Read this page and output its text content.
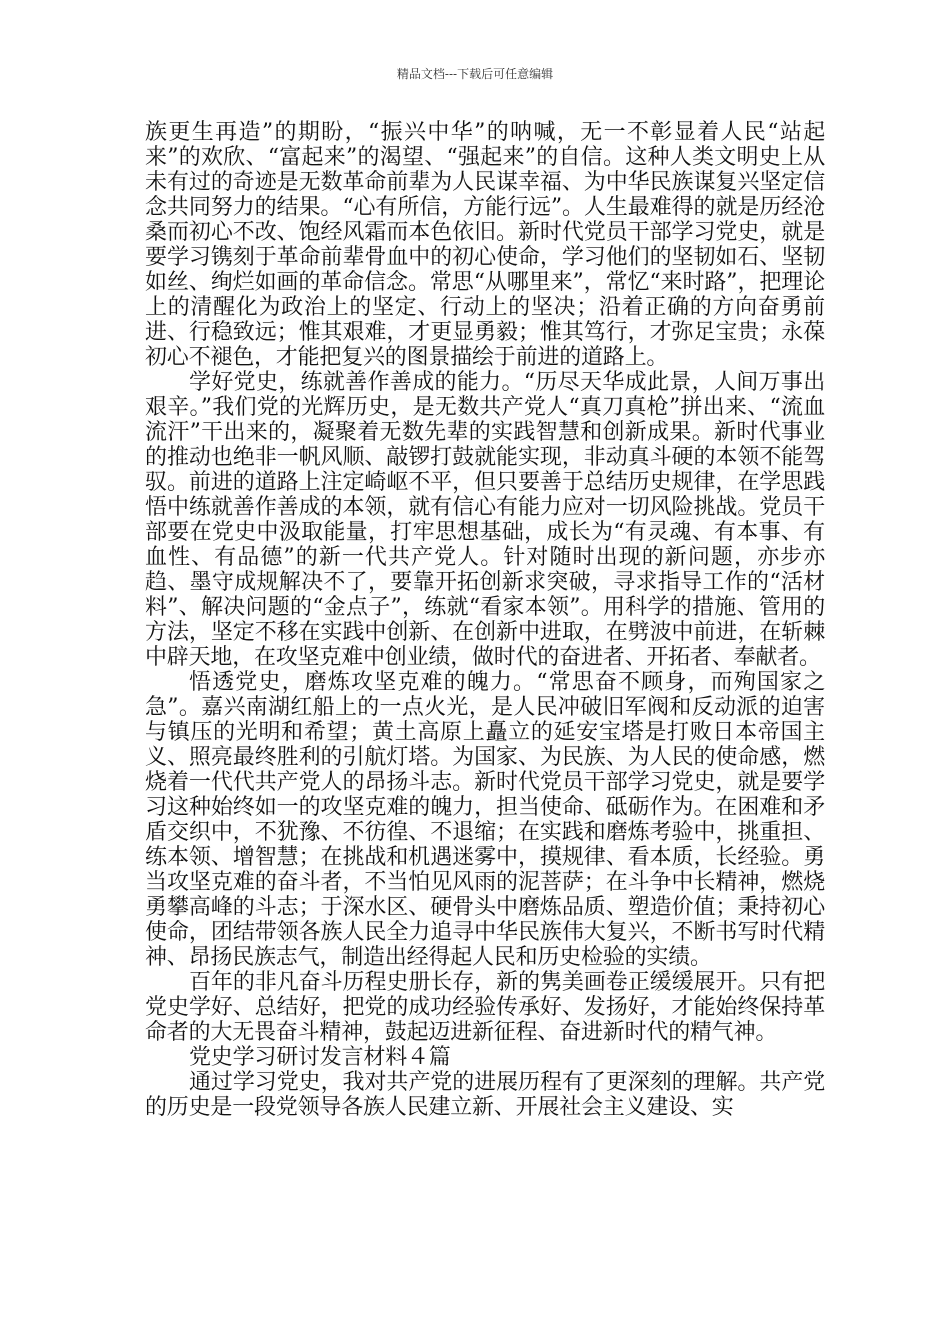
精品文档---下载后可任意编辑

族更生再造”的期盼，“振兴中华”的呐喊，无一不彰显着人民“站起来”的欢欣、“富起来”的渴望、“强起来”的自信。这种人类文明史上从未有过的奇迹是无数革命前辈为人民谋幸福、为中华民族谋复兴坚定信念共同努力的结果。“心有所信，方能行远”。人生最难得的就是历经沧桑而初心不改、饱经风霜而本色依旧。新时代党员干部学习党史，就是要学习镌刻于革命前辈骨血中的初心使命，学习他们的坚韧如石、坚韧如丝、绚烂如画的革命信念。常思“从哪里来”，常忆“来时路”，把理论上的清醒化为政治上的坚定、行动上的坚决；沿着正确的方向奋勇前进、行稳致远；惟其艰难，才更显勇毅；惟其笃行，才弥足宝贵；永葆初心不褪色，才能把复兴的图景描绘于前进的道路上。

学好党史，练就善作善成的能力。“历尽天华成此景，人间万事出艰辛。”我们党的光辉历史，是无数共产党人“真刀真枪”拼出来、“流血流汗”干出来的，凝聚着无数先辈的实践智慧和创新成果。新时代事业的推动也绝非一帆风顺、敲锣打鼓就能实现，非动真斗硬的本领不能驾驭。前进的道路上注定崎岖不平，但只要善于总结历史规律，在学思践悟中练就善作善成的本领，就有信心有能力应对一切风险挑战。党员干部要在党史中汲取能量，打牢思想基础，成长为“有灵魂、有本事、有血性、有品德”的新一代共产党人。针对随时出现的新问题，亦步亦趋、墨守成规解决不了，要靠开拓创新求突破，寻求指导工作的“活材料”、解决问题的“金点子”，练就“看家本领”。用科学的措施、管用的方法，坚定不移在实践中创新、在创新中进取，在劈波中前进，在斩棘中辟天地，在攻坚克难中创业绩，做时代的奋进者、开拓者、奉献者。

悟透党史，磨炼攻坚克难的魄力。“常思奋不顾身，而殉国家之急”。嘉兴南湖红船上的一点火光，是人民冲破旧军阀和反动派的迫害与镇压的光明和希望；黄土高原上矗立的延安宝塔是打败日本帝国主义、照亮最终胜利的引航灯塔。为国家、为民族、为人民的使命感，燃烧着一代代共产党人的昂扬斗志。新时代党员干部学习党史，就是要学习这种始终如一的攻坚克难的魄力，担当使命、砥砺作为。在困难和矛盾交织中，不犹豫、不彷徨、不退缩；在实践和磨炼考验中，挑重担、练本领、增智慧；在挑战和机遇迷雾中，摸规律、看本质，长经验。勇当攻坚克难的奋斗者，不当怕见风雨的泥菩萨；在斗争中长精神，燃烧勇攀高峰的斗志；于深水区、硬骨头中磨炼品质、塑造价值；秉持初心使命，团结带领各族人民全力追寻中华民族伟大复兴，不断书写时代精神、昂扬民族志气，制造出经得起人民和历史检验的实绩。

百年的非凡奋斗历程史册长存，新的隽美画卷正缓缓展开。只有把党史学好、总结好，把党的成功经验传承好、发扬好，才能始终保持革命者的大无畏奋斗精神，鼓起迈进新征程、奋进新时代的精气神。

党史学习研讨发言材料４篇

通过学习党史，我对共产党的进展历程有了更深刻的理解。共产党的历史是一段党领导各族人民建立新、开展社会主义建设、实
